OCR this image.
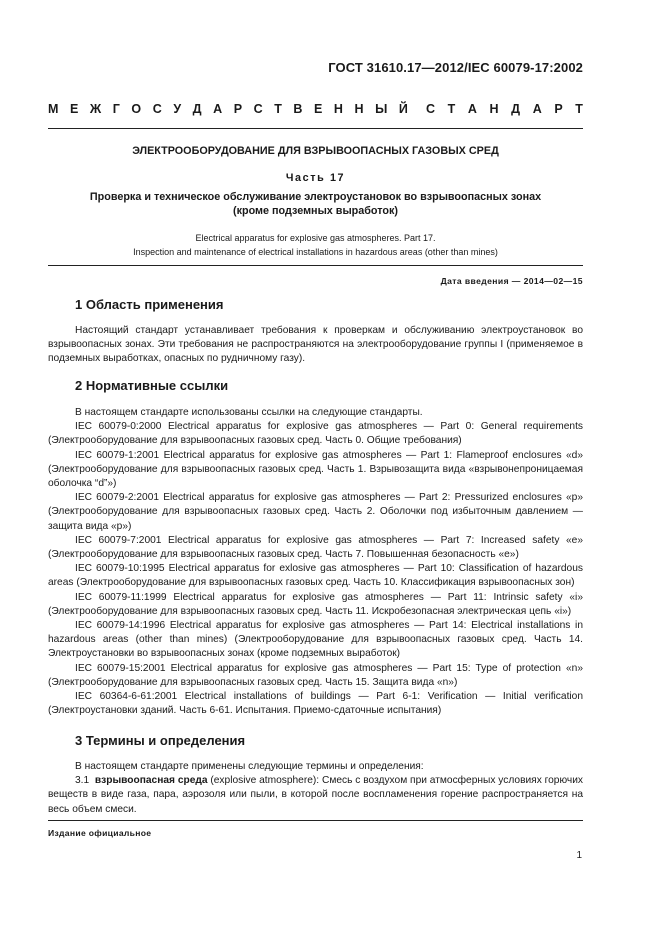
ГОСТ 31610.17—2012/IEC 60079-17:2002
М Е Ж Г О С У Д А Р С Т В Е Н Н Ы Й С Т А Н Д А Р Т
ЭЛЕКТРООБОРУДОВАНИЕ ДЛЯ ВЗРЫВООПАСНЫХ ГАЗОВЫХ СРЕД
Часть 17
Проверка и техническое обслуживание электроустановок во взрывоопасных зонах
(кроме подземных выработок)
Electrical apparatus for explosive gas atmospheres. Part 17.
Inspection and maintenance of electrical installations in hazardous areas (other than mines)
Дата введения — 2014—02—15
1 Область применения

Настоящий стандарт устанавливает требования к проверкам и обслуживанию электроустановок во взрывоопасных зонах. Эти требования не распространяются на электрооборудование группы I (применяемое в подземных выработках, опасных по рудничному газу).

2 Нормативные ссылки

В настоящем стандарте использованы ссылки на следующие стандарты.

IEC 60079-0:2000 Electrical apparatus for explosive gas atmospheres — Part 0: General requirements (Электрооборудование для взрывоопасных газовых сред. Часть 0. Общие требования)

IEC 60079-1:2001 Electrical apparatus for explosive gas atmospheres — Part 1: Flameproof enclosures «d» (Электрооборудование для взрывоопасных газовых сред. Часть 1. Взрывозащита вида «взрывонепроницаемая оболочка “d”»)

IEC 60079-2:2001 Electrical apparatus for explosive gas atmospheres — Part 2: Pressurized enclosures «p» (Электрооборудование для взрывоопасных газовых сред. Часть 2. Оболочки под избыточным давлением — защита вида «p»)

IEC 60079-7:2001 Electrical apparatus for explosive gas atmospheres — Part 7: Increased safety «e» (Электрооборудование для взрывоопасных газовых сред. Часть 7. Повышенная безопасность «е»)

IEC 60079-10:1995 Electrical apparatus for exlosive gas atmospheres — Part 10: Classification of hazardous areas (Электрооборудование для взрывоопасных газовых сред. Часть 10. Классификация взрывоопасных зон)

IEC 60079-11:1999 Electrical apparatus for explosive gas atmospheres — Part 11: Intrinsic safety «i» (Электрооборудование для взрывоопасных газовых сред. Часть 11. Искробезопасная электрическая цепь «i»)

IEC 60079-14:1996 Electrical apparatus for explosive gas atmospheres — Part 14: Electrical installations in hazardous areas (other than mines) (Электрооборудование для взрывоопасных газовых сред. Часть 14. Электроустановки во взрывоопасных зонах (кроме подземных выработок)

IEC 60079-15:2001 Electrical apparatus for explosive gas atmospheres — Part 15: Type of protection «n» (Электрооборудование для взрывоопасных газовых сред. Часть 15. Защита вида «n»)

IEC 60364-6-61:2001 Electrical installations of buildings — Part 6-1: Verification — Initial verification (Электроустановки зданий. Часть 6-61. Испытания. Приемо-сдаточные испытания)

3 Термины и определения

В настоящем стандарте применены следующие термины и определения:

3.1 взрывоопасная среда (explosive atmosphere): Смесь с воздухом при атмосферных условиях горючих веществ в виде газа, пара, аэрозоля или пыли, в которой после воспламенения горение распространяется на весь объем смеси.

Издание официальное
1
